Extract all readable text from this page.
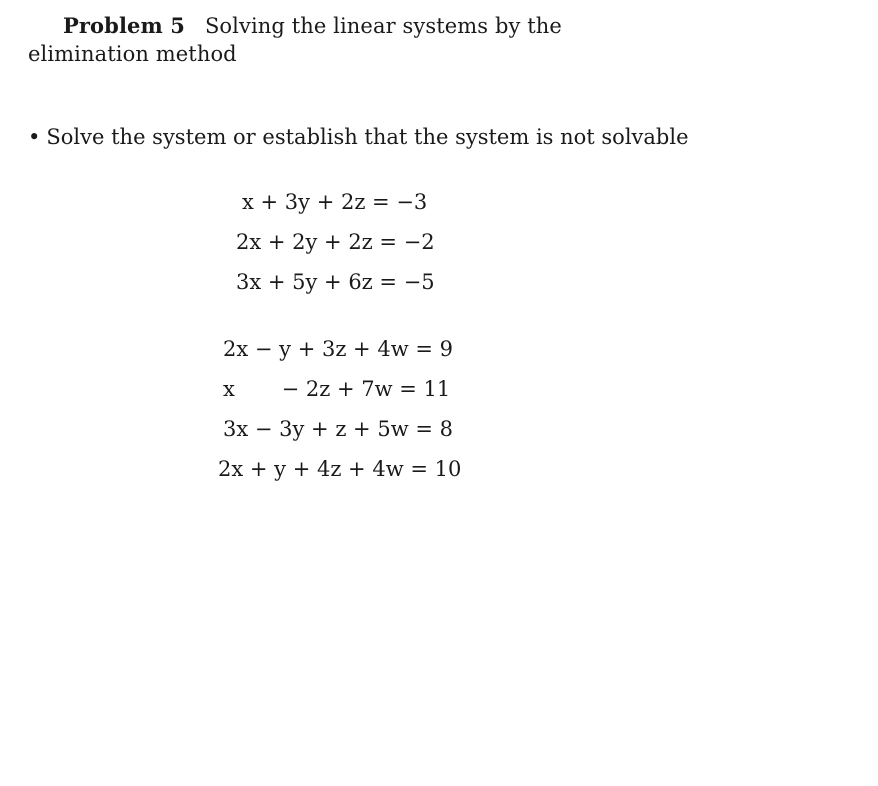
Problem 5 Solving the linear systems by the elimination method
• Solve the system or establish that the system is not solvable
x + 3y + 2z = −3
2x + 2y + 2z = −2
3x + 5y + 6z = −5
2x − y + 3z + 4w = 9
x       − 2z + 7w = 11
3x − 3y + z + 5w = 8
2x + y + 4z + 4w = 10
